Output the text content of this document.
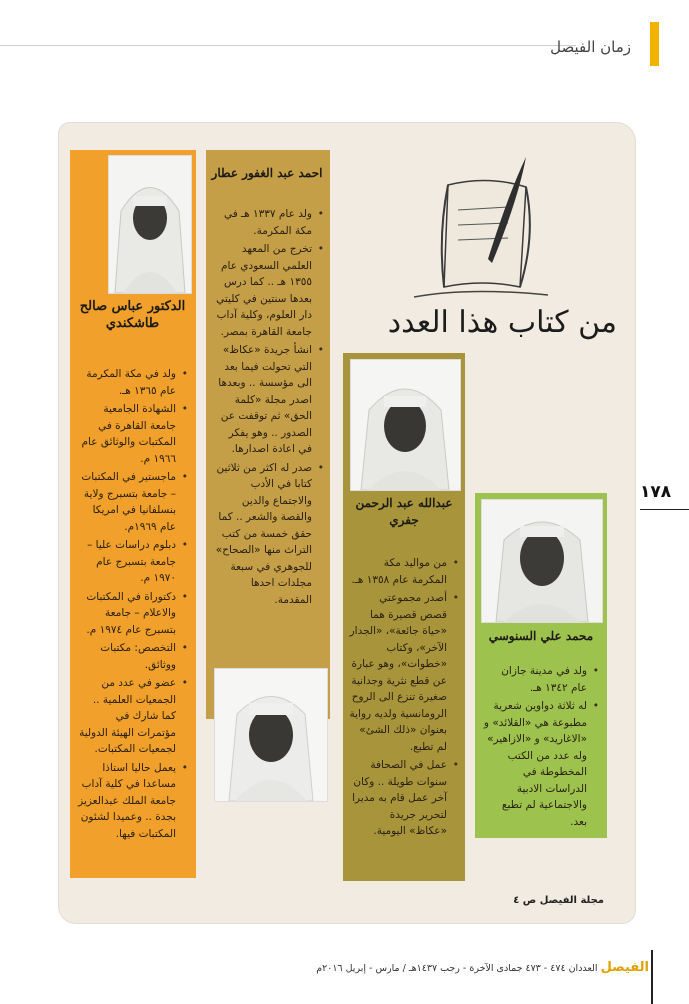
زمان الفيصل
١٧٨
الدكتور عباس صالح طاشكندي

• ولد في مكة المكرمة عام ١٣٦٥ هـ.

• الشهادة الجامعية جامعة القاهرة في المكتبات والوثائق عام ١٩٦٦ م.

• ماجستير في المكتبات – جامعة بتسبرج ولاية بنسلفانيا في امريكا عام ١٩٦٩م.

• دبلوم دراسات عليا – جامعة بتسبرج عام ١٩٧٠ م.

• دكتوراة في المكتبات والاعلام – جامعة بتسبرج عام ١٩٧٤ م.

• التخصص: مكتبات ووثائق.

• عضو في عدد من الجمعيات العلمية .. كما شارك في مؤتمرات الهيئة الدولية لجمعيات المكتبات.

• يعمل حاليا استاذا مساعدا في كلية آداب جامعة الملك عبدالعزيز بجدة .. وعميدا لشئون المكتبات فيها.

احمد عبد الغفور عطار

• ولد عام ١٣٣٧ هـ في مكة المكرمة.

• تخرج من المعهد العلمي السعودي عام ١٣٥٥ هـ .. كما درس بعدها سنتين في كليتي دار العلوم، وكلية آداب جامعة القاهرة بمصر.

• انشأ جريدة «عكاظ» التي تحولت فيما بعد الى مؤسسة .. وبعدها اصدر مجلة «كلمة الحق» ثم توقفت عن الصدور .. وهو يفكر في اعادة اصدارها.

• صدر له اكثر من ثلاثين كتابا في الأدب والاجتماع والدين والقصة والشعر .. كما حقق خمسة من كتب التراث منها «الصحاح» للجوهري في سبعة مجلدات احدها المقدمة.

عبدالله عبد الرحمن جفري

• من مواليد مكة المكرمة عام ١٣٥٨ هـ.

• أصدر مجموعتي قصص قصيرة هما «حياة جائعة»، «الجدار الآخر»، وكتاب «خطوات»، وهو عبارة عن قطع نثرية وجدانية صغيرة تنزع الى الروح الرومانسية ولديه رواية بعنوان «ذلك الشئ» لم تطبع.

• عمل في الصحافة سنوات طويلة .. وكان آخر عمل قام به مديرا لتحرير جريدة «عكاظ» اليومية.

محمد علي السنوسي

• ولد في مدينة جازان عام ١٣٤٢ هـ.

• له ثلاثة دواوين شعرية مطبوعة هي «القلائد» و «الاغاريد» و «الازاهير» وله عدد من الكتب المخطوطة في الدراسات الادبية والاجتماعية لم تطبع بعد.

من كتاب هذا العدد
مجلة الفيصل ص ٤
الفيصل العددان ٤٧٤ - ٤٧٣ جمادى الآخرة - رجب ١٤٣٧هـ / مارس - إبريل ٢٠١٦م
